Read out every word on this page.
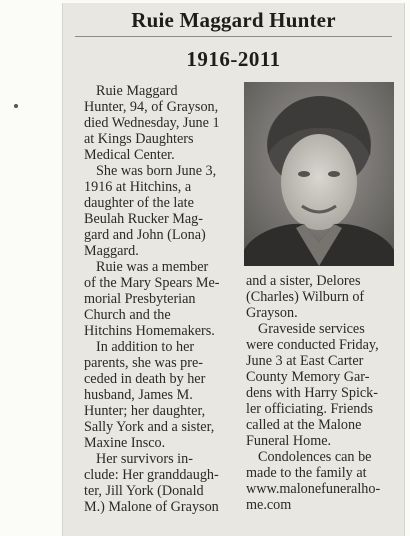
Ruie Maggard Hunter
1916-2011

Ruie Maggard
Hunter, 94, of Grayson,
died Wednesday, June 1
at Kings Daughters
Medical Center.

She was born June 3,
1916 at Hitchins, a
daughter of the late
Beulah Rucker Mag-
gard and John (Lona)
Maggard.

Ruie was a member
of the Mary Spears Me-
morial Presbyterian
Church and the
Hitchins Homemakers.

In addition to her
parents, she was pre-
ceded in death by her
husband, James M.
Hunter; her daughter,
Sally York and a sister,
Maxine Insco.

Her survivors in-
clude: Her granddaugh-
ter, Jill York (Donald
M.) Malone of Grayson

and a sister, Delores
(Charles) Wilburn of
Grayson.

Graveside services
were conducted Friday,
June 3 at East Carter
County Memory Gar-
dens with Harry Spick-
ler officiating. Friends
called at the Malone
Funeral Home.

Condolences can be
made to the family at
www.malonefuneralho-
me.com
